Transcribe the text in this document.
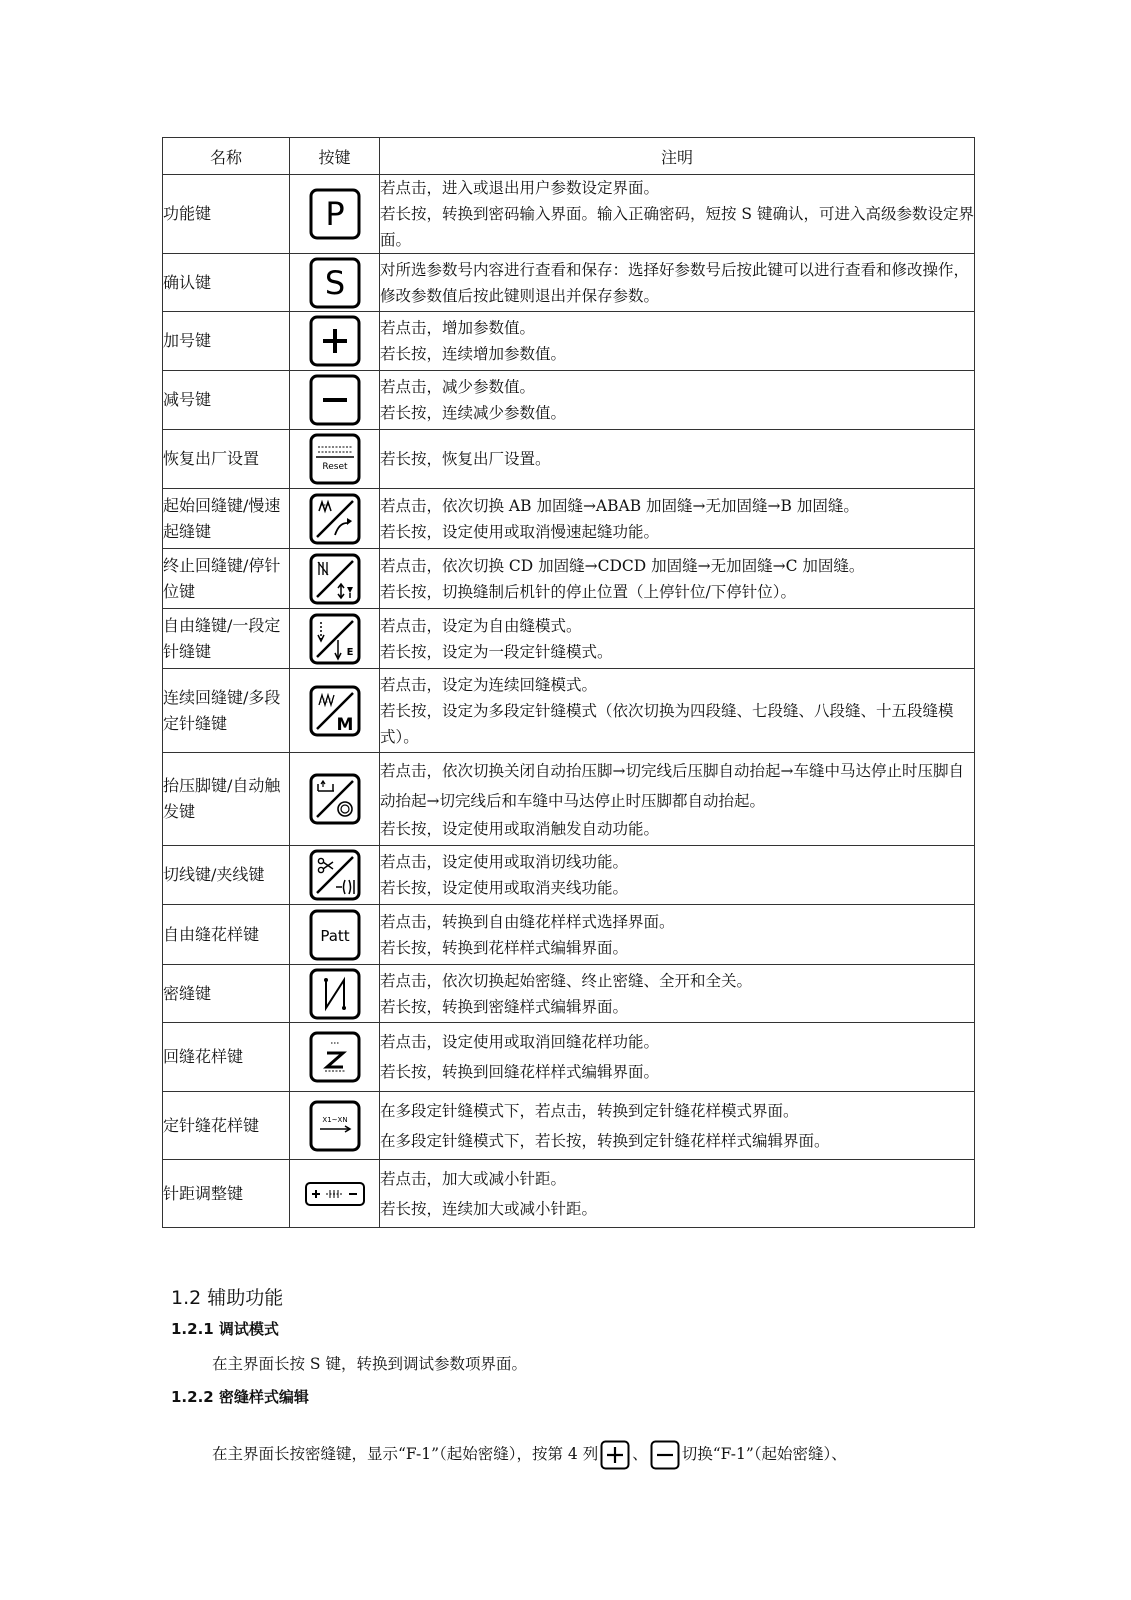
名称	按键	注明
功能键	P	若点击，进入或退出用户参数设定界面。
若长按，转换到密码输入界面。输入正确密码，短按 S 键确认，可进入高级参数设定界面。

确认键	S	对所选参数号内容进行查看和保存：选择好参数号后按此键可以进行查看和修改操作，修改参数值后按此键则退出并保存参数。

加号键		若点击，增加参数值。
若长按，连续增加参数值。

减号键		若点击，减少参数值。
若长按，连续减少参数值。

恢复出厂设置	Reset	若长按，恢复出厂设置。

起始回缝键/慢速起缝键		若点击，依次切换 AB 加固缝→ABAB 加固缝→无加固缝→B 加固缝。
若长按，设定使用或取消慢速起缝功能。

终止回缝键/停针位键		若点击，依次切换 CD 加固缝→CDCD 加固缝→无加固缝→C 加固缝。
若长按，切换缝制后机针的停止位置（上停针位/下停针位）。

自由缝键/一段定针缝键	E	若点击，设定为自由缝模式。
若长按，设定为一段定针缝模式。

连续回缝键/多段定针缝键	M	若点击，设定为连续回缝模式。
若长按，设定为多段定针缝模式（依次切换为四段缝、七段缝、八段缝、十五段缝模式）。

抬压脚键/自动触发键		若点击，依次切换关闭自动抬压脚→切完线后压脚自动抬起→车缝中马达停止时压脚自动抬起→切完线后和车缝中马达停止时压脚都自动抬起。
若长按，设定使用或取消触发自动功能。

切线键/夹线键		若点击，设定使用或取消切线功能。
若长按，设定使用或取消夹线功能。

自由缝花样键	Patt	若点击，转换到自由缝花样样式选择界面。
若长按，转换到花样样式编辑界面。

密缝键		若点击，依次切换起始密缝、终止密缝、全开和全关。
若长按，转换到密缝样式编辑界面。

回缝花样键		若点击，设定使用或取消回缝花样功能。
若长按，转换到回缝花样样式编辑界面。

定针缝花样键	X1~XN	在多段定针缝模式下，若点击，转换到定针缝花样模式界面。
在多段定针缝模式下，若长按，转换到定针缝花样样式编辑界面。

针距调整键		若点击，加大或减小针距。
若长按，连续加大或减小针距。
1.2 辅助功能
1.2.1 调试模式
在主界面长按 S 键，转换到调试参数项界面。
1.2.2 密缝样式编辑
在主界面长按密缝键，显示“F-1”（起始密缝），按第 4 列 、 切换“F-1”（起始密缝）、
